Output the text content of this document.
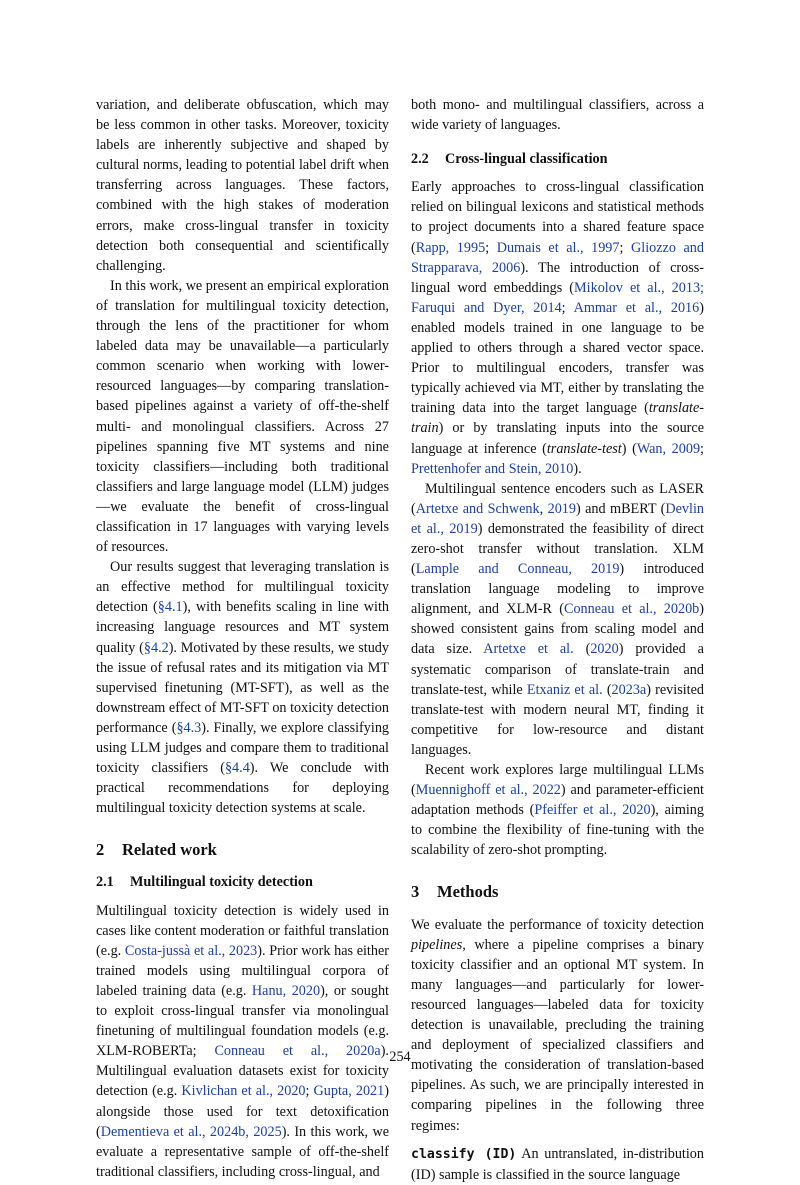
variation, and deliberate obfuscation, which may be less common in other tasks. Moreover, toxicity labels are inherently subjective and shaped by cultural norms, leading to potential label drift when transferring across languages. These factors, combined with the high stakes of moderation errors, make cross-lingual transfer in toxicity detection both consequential and scientifically challenging.

In this work, we present an empirical exploration of translation for multilingual toxicity detection, through the lens of the practitioner for whom labeled data may be unavailable—a particularly common scenario when working with lower-resourced languages—by comparing translation-based pipelines against a variety of off-the-shelf multi- and monolingual classifiers. Across 27 pipelines spanning five MT systems and nine toxicity classifiers—including both traditional classifiers and large language model (LLM) judges—we evaluate the benefit of cross-lingual classification in 17 languages with varying levels of resources.

Our results suggest that leveraging translation is an effective method for multilingual toxicity detection (§4.1), with benefits scaling in line with increasing language resources and MT system quality (§4.2). Motivated by these results, we study the issue of refusal rates and its mitigation via MT supervised finetuning (MT-SFT), as well as the downstream effect of MT-SFT on toxicity detection performance (§4.3). Finally, we explore classifying using LLM judges and compare them to traditional toxicity classifiers (§4.4). We conclude with practical recommendations for deploying multilingual toxicity detection systems at scale.

2 Related work
2.1 Multilingual toxicity detection

Multilingual toxicity detection is widely used in cases like content moderation or faithful translation (e.g. Costa-jussà et al., 2023). Prior work has either trained models using multilingual corpora of labeled training data (e.g. Hanu, 2020), or sought to exploit cross-lingual transfer via monolingual finetuning of multilingual foundation models (e.g. XLM-ROBERTa; Conneau et al., 2020a). Multilingual evaluation datasets exist for toxicity detection (e.g. Kivlichan et al., 2020; Gupta, 2021) alongside those used for text detoxification (Dementieva et al., 2024b, 2025). In this work, we evaluate a representative sample of off-the-shelf traditional classifiers, including cross-lingual, and

both mono- and multilingual classifiers, across a wide variety of languages.

2.2 Cross-lingual classification

Early approaches to cross-lingual classification relied on bilingual lexicons and statistical methods to project documents into a shared feature space (Rapp, 1995; Dumais et al., 1997; Gliozzo and Strapparava, 2006). The introduction of cross-lingual word embeddings (Mikolov et al., 2013; Faruqui and Dyer, 2014; Ammar et al., 2016) enabled models trained in one language to be applied to others through a shared vector space. Prior to multilingual encoders, transfer was typically achieved via MT, either by translating the training data into the target language (translate-train) or by translating inputs into the source language at inference (translate-test) (Wan, 2009; Prettenhofer and Stein, 2010).

Multilingual sentence encoders such as LASER (Artetxe and Schwenk, 2019) and mBERT (Devlin et al., 2019) demonstrated the feasibility of direct zero-shot transfer without translation. XLM (Lample and Conneau, 2019) introduced translation language modeling to improve alignment, and XLM-R (Conneau et al., 2020b) showed consistent gains from scaling model and data size. Artetxe et al. (2020) provided a systematic comparison of translate-train and translate-test, while Etxaniz et al. (2023a) revisited translate-test with modern neural MT, finding it competitive for low-resource and distant languages.

Recent work explores large multilingual LLMs (Muennighoff et al., 2022) and parameter-efficient adaptation methods (Pfeiffer et al., 2020), aiming to combine the flexibility of fine-tuning with the scalability of zero-shot prompting.

3 Methods

We evaluate the performance of toxicity detection pipelines, where a pipeline comprises a binary toxicity classifier and an optional MT system. In many languages—and particularly for lower-resourced languages—labeled data for toxicity detection is unavailable, precluding the training and deployment of specialized classifiers and motivating the consideration of translation-based pipelines. As such, we are principally interested in comparing pipelines in the following three regimes:

classify (ID) An untranslated, in-distribution (ID) sample is classified in the source language

254
